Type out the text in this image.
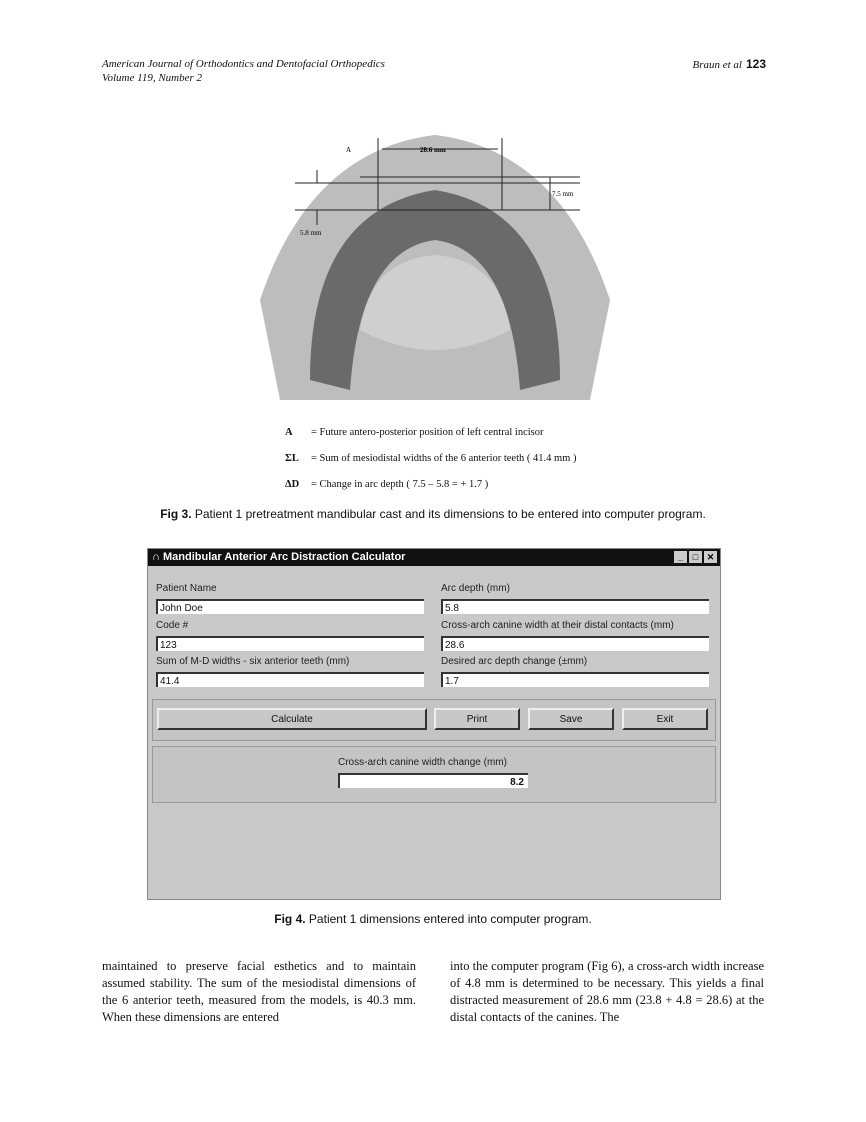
American Journal of Orthodontics and Dentofacial Orthopedics
Volume 119, Number 2
Braun et al 123
28.6 mm
7.5 mm
5.8 mm
A
A = Future antero-posterior position of left central incisor
ΣL = Sum of mesiodistal widths of the 6 anterior teeth ( 41.4 mm )
ΔD = Change in arc depth ( 7.5 – 5.8 = + 1.7 )
Fig 3. Patient 1 pretreatment mandibular cast and its dimensions to be entered into computer program.
∩ Mandibular Anterior Arc Distraction Calculator	_	□ ✕
Patient Name
John Doe
Code #
123
Sum of M-D widths - six anterior teeth (mm)
41.4
Arc depth (mm)
5.8
Cross-arch canine width at their distal contacts (mm)
28.6
Desired arc depth change (±mm)
1.7
Calculate	Print	Save	Exit
Cross-arch canine width change (mm)
8.2
Fig 4. Patient 1 dimensions entered into computer program.
maintained to preserve facial esthetics and to maintain assumed stability. The sum of the mesiodistal dimensions of the 6 anterior teeth, measured from the models, is 40.3 mm. When these dimensions are entered
into the computer program (Fig 6), a cross-arch width increase of 4.8 mm is determined to be necessary. This yields a final distracted measurement of 28.6 mm (23.8 + 4.8 = 28.6) at the distal contacts of the canines. The
